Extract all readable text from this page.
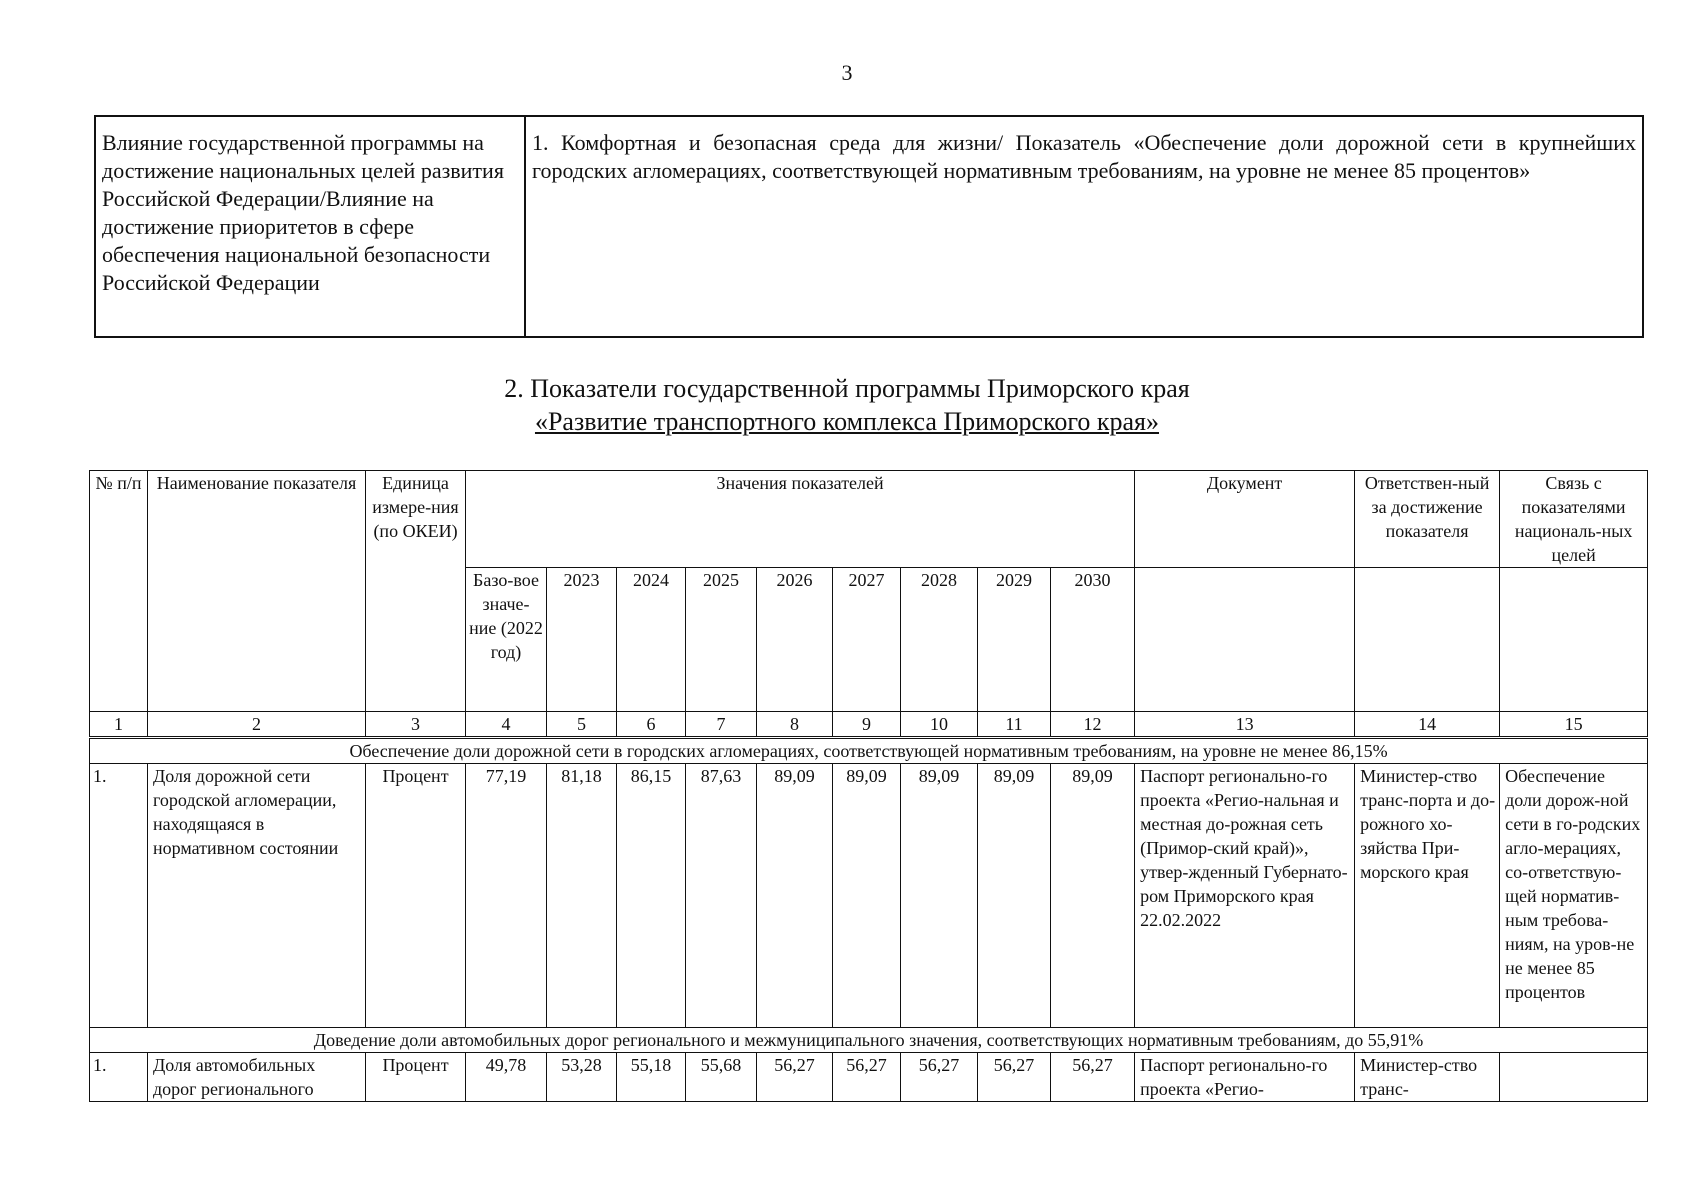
3
Влияние государственной программы на достижение национальных целей развития Российской Федерации/Влияние на достижение приоритетов в сфере обеспечения национальной безопасности Российской Федерации	1. Комфортная и безопасная среда для жизни/ Показатель «Обеспечение доли дорожной сети в крупнейших городских агломерациях, соответствующей нормативным требованиям, на уровне не менее 85 процентов»
2. Показатели государственной программы Приморского края
«Развитие транспортного комплекса Приморского края»
№ п/п	Наименование показателя	Единица измере-ния (по ОКЕИ)	Значения показателей									Документ	Ответствен-ный за достижение показателя	Связь с показателями националь-ных целей
			Базо-вое значе-ние (2022 год)	2023	2024	2025	2026	2027	2028	2029	2030			
1	2	3	4	5	6	7	8	9	10	11	12	13	14	15
Обеспечение доли дорожной сети в городских агломерациях, соответствующей нормативным требованиям, на уровне не менее 86,15%														
1.	Доля дорожной сети городской агломерации, находящаяся в нормативном состоянии	Процент	77,19	81,18	86,15	87,63	89,09	89,09	89,09	89,09	89,09	Паспорт регионально-го проекта «Регио-нальная и местная до-рожная сеть (Примор-ский край)», утвер-жденный Губернато-ром Приморского края 22.02.2022	Министер-ство транс-порта и до-рожного хо-зяйства При-морского края	Обеспечение доли дорож-ной сети в го-родских агло-мерациях, со-ответствую-щей норматив-ным требова-ниям, на уров-не не менее 85 процентов
Доведение доли автомобильных дорог регионального и межмуниципального значения, соответствующих нормативным требованиям, до 55,91%														
1.	Доля автомобильных дорог регионального	Процент	49,78	53,28	55,18	55,68	56,27	56,27	56,27	56,27	56,27	Паспорт регионально-го проекта «Регио-	Министер-ство транс-	
